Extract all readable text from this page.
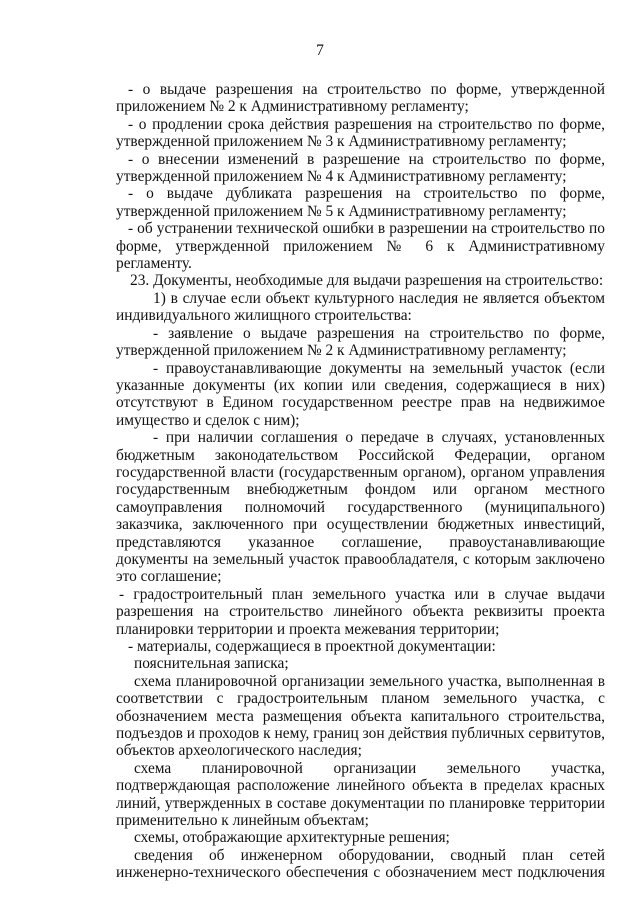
7

- о выдаче разрешения на строительство по форме, утвержденной приложением № 2 к Административному регламенту;

- о продлении срока действия разрешения на строительство по форме, утвержденной приложением № 3 к Административному регламенту;

- о внесении изменений в разрешение на строительство по форме, утвержденной приложением № 4 к Административному регламенту;

- о выдаче дубликата разрешения на строительство по форме, утвержденной приложением № 5 к Административному регламенту;

- об устранении технической ошибки в разрешении на строительство по форме, утвержденной приложением № 6 к Административному регламенту.

23. Документы, необходимые для выдачи разрешения на строительство:

1) в случае если объект культурного наследия не является объектом индивидуального жилищного строительства:

- заявление о выдаче разрешения на строительство по форме, утвержденной приложением № 2 к Административному регламенту;

- правоустанавливающие документы на земельный участок (если указанные документы (их копии или сведения, содержащиеся в них) отсутствуют в Едином государственном реестре прав на недвижимое имущество и сделок с ним);

- при наличии соглашения о передаче в случаях, установленных бюджетным законодательством Российской Федерации, органом государственной власти (государственным органом), органом управления государственным внебюджетным фондом или органом местного самоуправления полномочий государственного (муниципального) заказчика, заключенного при осуществлении бюджетных инвестиций, представляются указанное соглашение, правоустанавливающие документы на земельный участок правообладателя, с которым заключено это соглашение;

- градостроительный план земельного участка или в случае выдачи разрешения на строительство линейного объекта реквизиты проекта планировки территории и проекта межевания территории;

- материалы, содержащиеся в проектной документации:

пояснительная записка;

схема планировочной организации земельного участка, выполненная в соответствии с градостроительным планом земельного участка, с обозначением места размещения объекта капитального строительства, подъездов и проходов к нему, границ зон действия публичных сервитутов, объектов археологического наследия;

схема планировочной организации земельного участка, подтверждающая расположение линейного объекта в пределах красных линий, утвержденных в составе документации по планировке территории применительно к линейным объектам;

схемы, отображающие архитектурные решения;

сведения об инженерном оборудовании, сводный план сетей инженерно-технического обеспечения с обозначением мест подключения
